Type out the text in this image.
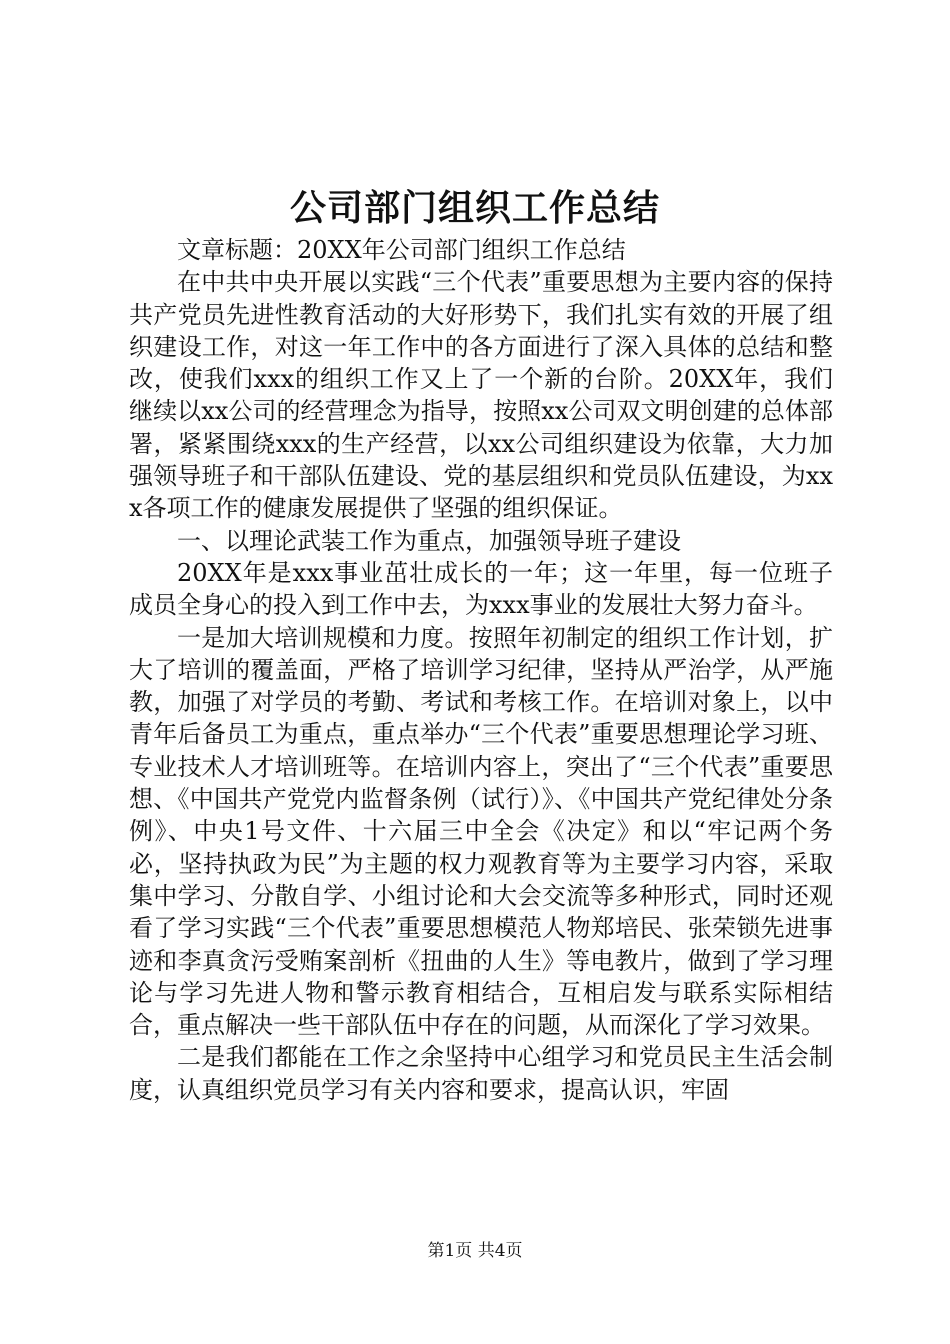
公司部门组织工作总结

文章标题：20XX年公司部门组织工作总结

在中共中央开展以实践“三个代表”重要思想为主要内容的保持共产党员先进性教育活动的大好形势下，我们扎实有效的开展了组织建设工作，对这一年工作中的各方面进行了深入具体的总结和整改，使我们xxx的组织工作又上了一个新的台阶。20XX年，我们继续以xx公司的经营理念为指导，按照xx公司双文明创建的总体部署，紧紧围绕xxx的生产经营，以xx公司组织建设为依靠，大力加强领导班子和干部队伍建设、党的基层组织和党员队伍建设，为xxx各项工作的健康发展提供了坚强的组织保证。

一、以理论武装工作为重点，加强领导班子建设

20XX年是xxx事业茁壮成长的一年；这一年里，每一位班子成员全身心的投入到工作中去，为xxx事业的发展壮大努力奋斗。

一是加大培训规模和力度。按照年初制定的组织工作计划，扩大了培训的覆盖面，严格了培训学习纪律，坚持从严治学，从严施教，加强了对学员的考勤、考试和考核工作。在培训对象上，以中青年后备员工为重点，重点举办“三个代表”重要思想理论学习班、专业技术人才培训班等。在培训内容上，突出了“三个代表”重要思想、《中国共产党党内监督条例（试行）》、《中国共产党纪律处分条例》、中央1号文件、十六届三中全会《决定》和以“牢记两个务必，坚持执政为民”为主题的权力观教育等为主要学习内容，采取集中学习、分散自学、小组讨论和大会交流等多种形式，同时还观看了学习实践“三个代表”重要思想模范人物郑培民、张荣锁先进事迹和李真贪污受贿案剖析《扭曲的人生》等电教片，做到了学习理论与学习先进人物和警示教育相结合，互相启发与联系实际相结合，重点解决一些干部队伍中存在的问题，从而深化了学习效果。

二是我们都能在工作之余坚持中心组学习和党员民主生活会制度，认真组织党员学习有关内容和要求，提高认识，牢固

第1页 共4页
